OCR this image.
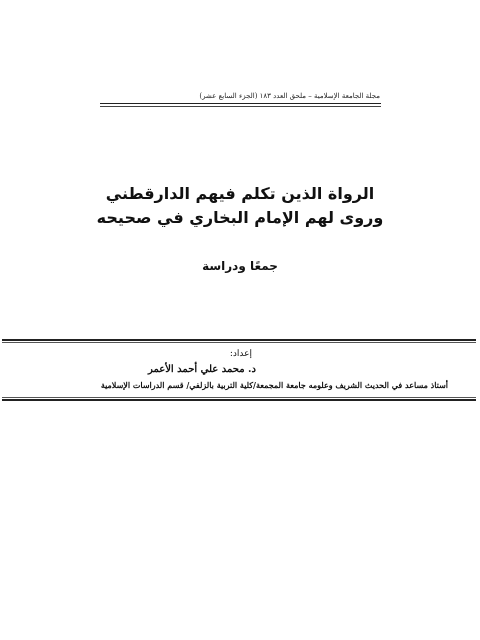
مجلة الجامعة الإسلامية – ملحق العدد ١٨٣ (الجزء السابع عشر)
الرواة الذين تكلم فيهم الدارقطني
وروى لهم الإمام البخاري في صحيحه
جمعًا ودراسة
إعداد:
د. محمد علي أحمد الأعمر
أستاذ مساعد في الحديث الشريف وعلومه جامعة المجمعة/كلية التربية بالزلفي/ قسم الدراسات الإسلامية
